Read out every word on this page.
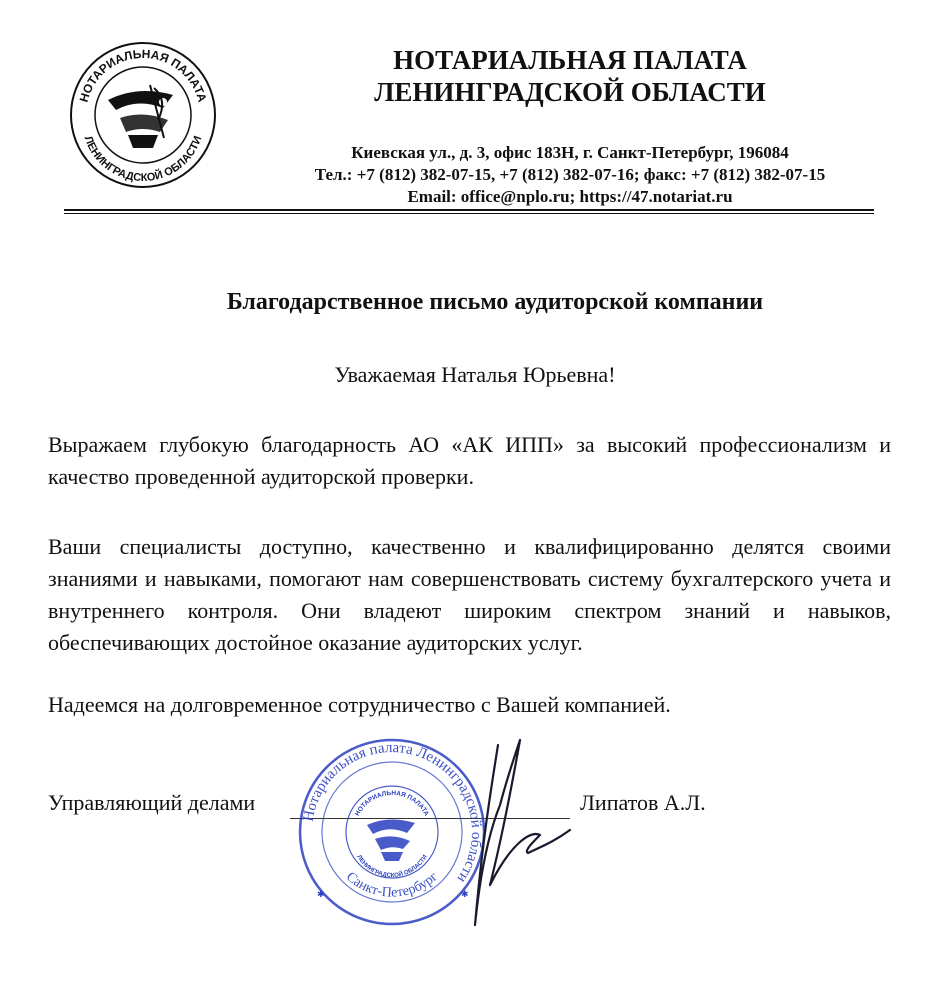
НОТАРИАЛЬНАЯ ПАЛАТА
ЛЕНИНГРАДСКОЙ ОБЛАСТИ
НОТАРИАЛЬНАЯ ПАЛАТА
ЛЕНИНГРАДСКОЙ ОБЛАСТИ
Киевская ул., д. 3, офис 183Н, г. Санкт-Петербург, 196084
Тел.: +7 (812) 382-07-15, +7 (812) 382-07-16; факс: +7 (812) 382-07-15
Email: office@nplo.ru; https://47.notariat.ru
Благодарственное письмо аудиторской компании
Уважаемая Наталья Юрьевна!

Выражаем глубокую благодарность АО «АК ИПП» за высокий профессионализм и качество проведенной аудиторской проверки.

Ваши специалисты доступно, качественно и квалифицированно делятся своими знаниями и навыками, помогают нам совершенствовать систему бухгалтерского учета и внутреннего контроля. Они владеют широким спектром знаний и навыков, обеспечивающих достойное оказание аудиторских услуг.

Надеемся на долговременное сотрудничество с Вашей компанией.

Управляющий делами	Липатов А.Л.
Нотариальная палата Ленинградской области
Санкт-Петербург
НОТАРИАЛЬНАЯ ПАЛАТА
ЛЕНИНГРАДСКОЙ ОБЛАСТИ
✱	✱
